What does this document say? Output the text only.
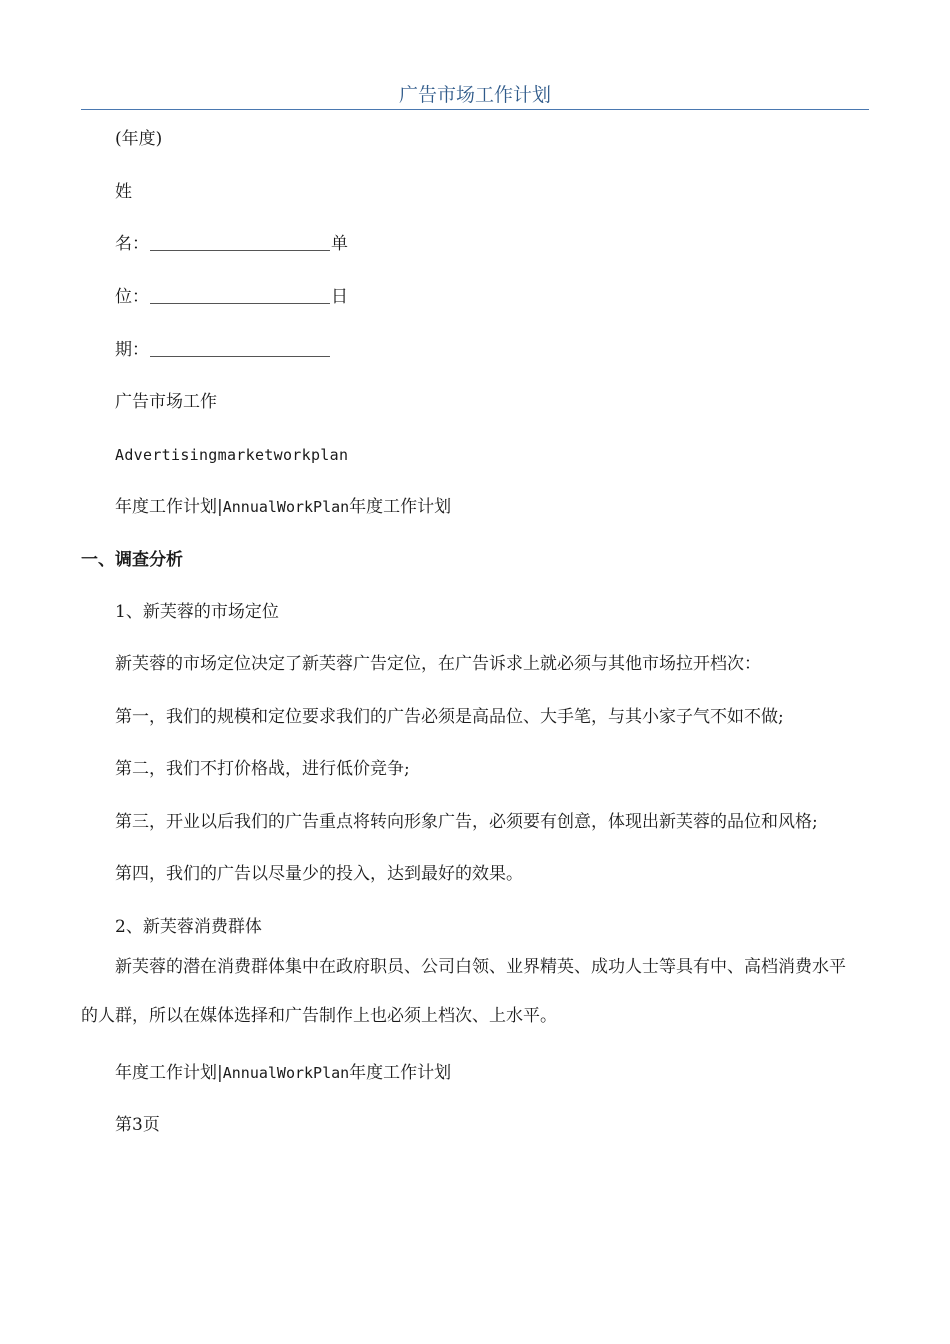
广告市场工作计划
(年度)
姓
名：	单
位：	日
期：
广告市场工作
Advertisingmarketworkplan
年度工作计划|AnnualWorkPlan年度工作计划
一、调查分析
1、新芙蓉的市场定位
新芙蓉的市场定位决定了新芙蓉广告定位，在广告诉求上就必须与其他市场拉开档次：
第一，我们的规模和定位要求我们的广告必须是高品位、大手笔，与其小家子气不如不做;
第二，我们不打价格战，进行低价竞争;
第三，开业以后我们的广告重点将转向形象广告，必须要有创意，体现出新芙蓉的品位和风格;
第四，我们的广告以尽量少的投入，达到最好的效果。
2、新芙蓉消费群体
新芙蓉的潜在消费群体集中在政府职员、公司白领、业界精英、成功人士等具有中、高档消费水平的人群，所以在媒体选择和广告制作上也必须上档次、上水平。
年度工作计划|AnnualWorkPlan年度工作计划
第3页
